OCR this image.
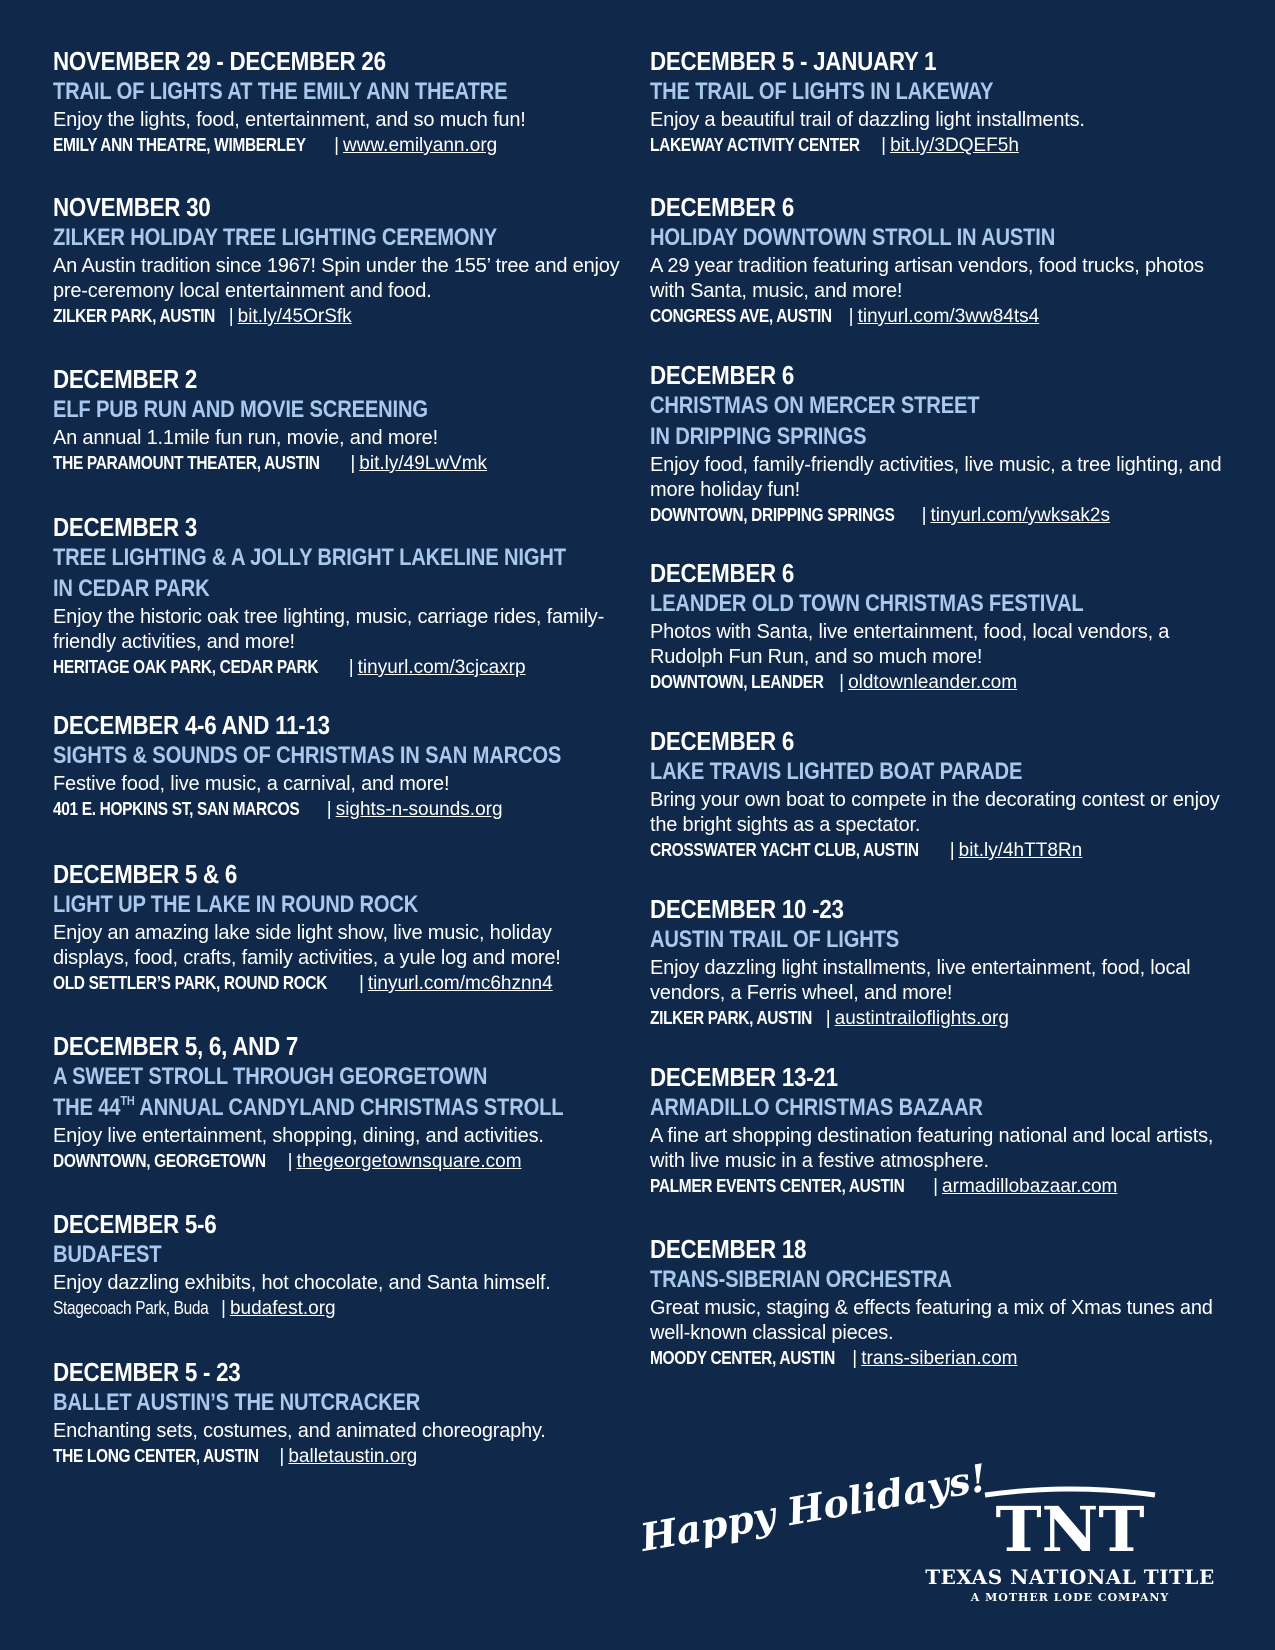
NOVEMBER 29 - DECEMBER 26
TRAIL OF LIGHTS AT THE EMILY ANN THEATRE
Enjoy the lights, food, entertainment, and so much fun!
EMILY ANN THEATRE, WIMBERLEY | www.emilyann.org
NOVEMBER 30
ZILKER HOLIDAY TREE LIGHTING CEREMONY
An Austin tradition since 1967! Spin under the 155’ tree and enjoy pre-ceremony local entertainment and food.
ZILKER PARK, AUSTIN | bit.ly/45OrSfk
DECEMBER 2
ELF PUB RUN AND MOVIE SCREENING
An annual 1.1mile fun run, movie, and more!
THE PARAMOUNT THEATER, AUSTIN | bit.ly/49LwVmk
DECEMBER 3
TREE LIGHTING & A JOLLY BRIGHT LAKELINE NIGHT
IN CEDAR PARK
Enjoy the historic oak tree lighting, music, carriage rides, family-friendly activities, and more!
HERITAGE OAK PARK, CEDAR PARK | tinyurl.com/3cjcaxrp
DECEMBER 4-6 AND 11-13
SIGHTS & SOUNDS OF CHRISTMAS IN SAN MARCOS
Festive food, live music, a carnival, and more!
401 E. HOPKINS ST, SAN MARCOS | sights-n-sounds.org
DECEMBER 5 & 6
LIGHT UP THE LAKE IN ROUND ROCK
Enjoy an amazing lake side light show, live music, holiday displays, food, crafts, family activities, a yule log and more!
OLD SETTLER’S PARK, ROUND ROCK | tinyurl.com/mc6hznn4
DECEMBER 5, 6, AND 7
A SWEET STROLL THROUGH GEORGETOWN
THE 44TH ANNUAL CANDYLAND CHRISTMAS STROLL
Enjoy live entertainment, shopping, dining, and activities.
DOWNTOWN, GEORGETOWN | thegeorgetownsquare.com
DECEMBER 5-6
BUDAFEST
Enjoy dazzling exhibits, hot chocolate, and Santa himself.
Stagecoach Park, Buda | budafest.org
DECEMBER 5 - 23
BALLET AUSTIN’S THE NUTCRACKER
Enchanting sets, costumes, and animated choreography.
THE LONG CENTER, AUSTIN | balletaustin.org
DECEMBER 5 - JANUARY 1
THE TRAIL OF LIGHTS IN LAKEWAY
Enjoy a beautiful trail of dazzling light installments.
LAKEWAY ACTIVITY CENTER | bit.ly/3DQEF5h
DECEMBER 6
HOLIDAY DOWNTOWN STROLL IN AUSTIN
A 29 year tradition featuring artisan vendors, food trucks, photos with Santa, music, and more!
CONGRESS AVE, AUSTIN | tinyurl.com/3ww84ts4
DECEMBER 6
CHRISTMAS ON MERCER STREET
IN DRIPPING SPRINGS
Enjoy food, family-friendly activities, live music, a tree lighting, and more holiday fun!
DOWNTOWN, DRIPPING SPRINGS | tinyurl.com/ywksak2s
DECEMBER 6
LEANDER OLD TOWN CHRISTMAS FESTIVAL
Photos with Santa, live entertainment, food, local vendors, a Rudolph Fun Run, and so much more!
DOWNTOWN, LEANDER | oldtownleander.com
DECEMBER 6
LAKE TRAVIS LIGHTED BOAT PARADE
Bring your own boat to compete in the decorating contest or enjoy the bright sights as a spectator.
CROSSWATER YACHT CLUB, AUSTIN | bit.ly/4hTT8Rn
DECEMBER 10 -23
AUSTIN TRAIL OF LIGHTS
Enjoy dazzling light installments, live entertainment, food, local vendors, a Ferris wheel, and more!
ZILKER PARK, AUSTIN | austintrailoflights.org
DECEMBER 13-21
ARMADILLO CHRISTMAS BAZAAR
A fine art shopping destination featuring national and local artists, with live music in a festive atmosphere.
PALMER EVENTS CENTER, AUSTIN | armadillobazaar.com
DECEMBER 18
TRANS-SIBERIAN ORCHESTRA
Great music, staging & effects featuring a mix of Xmas tunes and well-known classical pieces.
MOODY CENTER, AUSTIN | trans-siberian.com
Happy Holidays! TNT
TEXAS NATIONAL TITLE
A MOTHER LODE COMPANY
